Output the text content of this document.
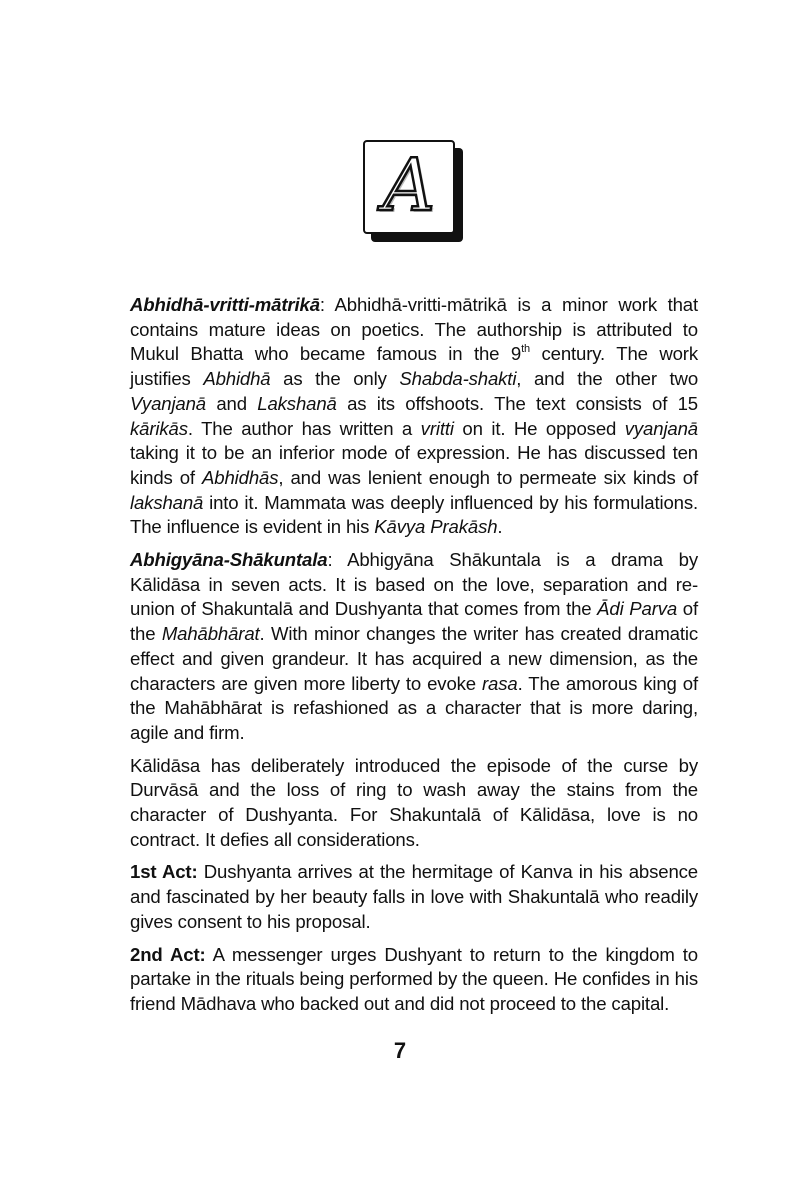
A

Abhidhā-vritti-mātrikā: Abhidhā-vritti-mātrikā is a minor work that contains mature ideas on poetics. The authorship is attributed to Mukul Bhatta who became famous in the 9th century. The work justifies Abhidhā as the only Shabda-shakti, and the other two Vyanjanā and Lakshanā as its offshoots. The text consists of 15 kārikās. The author has written a vritti on it. He opposed vyanjanā taking it to be an inferior mode of expression. He has discussed ten kinds of Abhidhās, and was lenient enough to permeate six kinds of lakshanā into it. Mammata was deeply influenced by his formulations. The influence is evident in his Kāvya Prakāsh.

Abhigyāna-Shākuntala: Abhigyāna Shākuntala is a drama by Kālidāsa in seven acts. It is based on the love, separation and re-union of Shakuntalā and Dushyanta that comes from the Ādi Parva of the Mahābhārat. With minor changes the writer has created dramatic effect and given grandeur. It has acquired a new dimension, as the characters are given more liberty to evoke rasa. The amorous king of the Mahābhārat is refashioned as a character that is more daring, agile and firm.

Kālidāsa has deliberately introduced the episode of the curse by Durvāsā and the loss of ring to wash away the stains from the character of Dushyanta. For Shakuntalā of Kālidāsa, love is no contract. It defies all considerations.

1st Act: Dushyanta arrives at the hermitage of Kanva in his absence and fascinated by her beauty falls in love with Shakuntalā who readily gives consent to his proposal.

2nd Act: A messenger urges Dushyant to return to the kingdom to partake in the rituals being performed by the queen. He confides in his friend Mādhava who backed out and did not proceed to the capital.

7
